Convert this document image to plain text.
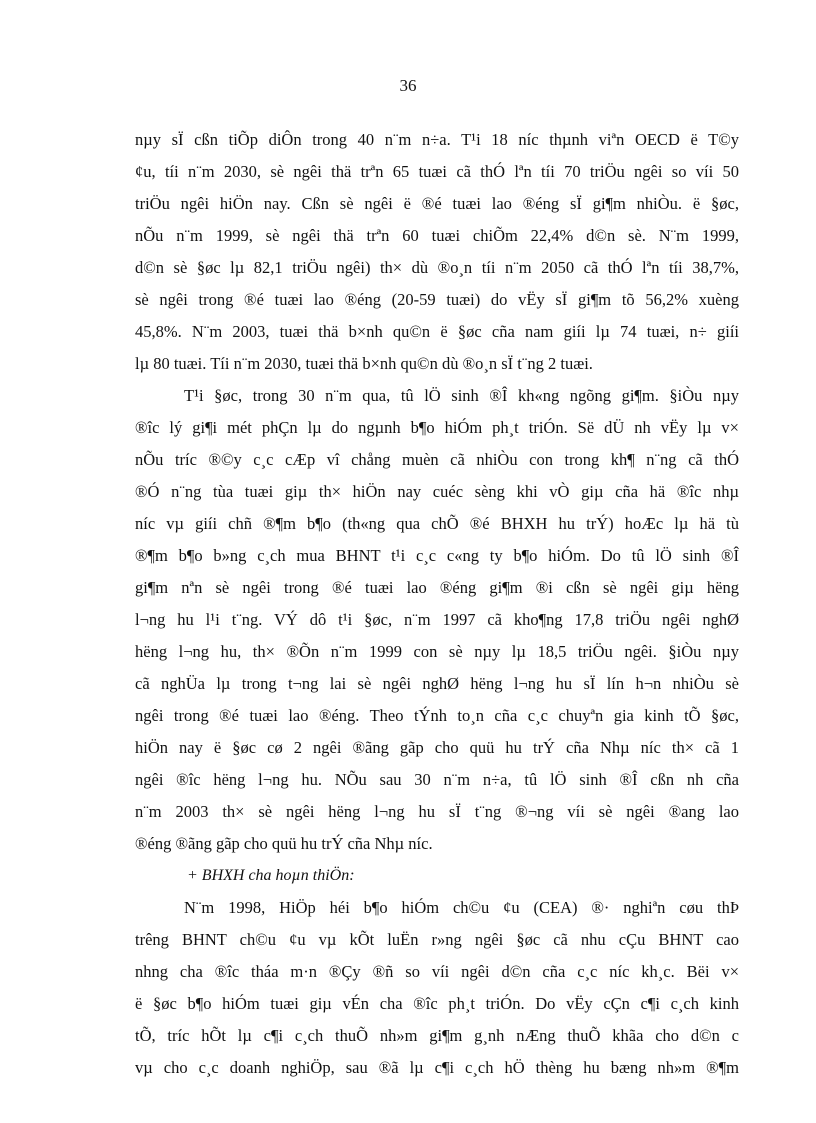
36

nµy sÏ cßn tiÕp diÔn trong 40 n¨m n÷a. T¹i 18 níc thµnh viªn OECD ë T©y

¢u, tíi n¨m 2030, sè ngêi thä trªn 65 tuæi cã thÓ lªn tíi 70 triÖu ngêi so víi 50

triÖu ngêi hiÖn nay. Cßn sè ngêi ë ®é tuæi lao ®éng sÏ gi¶m nhiÒu. ë §øc,

nÕu n¨m 1999, sè ngêi thä trªn 60 tuæi chiÕm 22,4% d©n sè. N¨m 1999,

d©n sè §øc lµ 82,1 triÖu ngêi) th× dù ®o¸n tíi n¨m 2050 cã thÓ lªn tíi 38,7%,

sè ngêi trong ®é tuæi lao ®éng (20-59 tuæi) do vËy sÏ gi¶m tõ 56,2% xuèng

45,8%. N¨m 2003, tuæi thä b×nh qu©n ë §øc cña nam giíi lµ 74 tuæi, n÷ giíi

lµ 80 tuæi. Tíi n¨m 2030, tuæi thä b×nh qu©n dù ®o¸n sÏ t¨ng 2 tuæi.

T¹i §øc, trong 30 n¨m qua, tû lÖ sinh ®Î kh«ng ngõng gi¶m. §iÒu nµy

®îc lý gi¶i mét phÇn lµ do ngµnh b¶o hiÓm ph¸t triÓn. Së dÜ nh vËy lµ v×

nÕu tríc ®©y c¸c cÆp vî chång muèn cã nhiÒu con trong kh¶ n¨ng cã thÓ

®Ó n¨ng tùa tuæi giµ th× hiÖn nay cuéc sèng khi vÒ giµ cña hä ®îc nhµ

níc vµ giíi chñ ®¶m b¶o (th«ng qua chÕ ®é BHXH hu trÝ) hoÆc lµ hä tù

®¶m b¶o b»ng c¸ch mua BHNT t¹i c¸c c«ng ty b¶o hiÓm. Do tû lÖ sinh ®Î

gi¶m nªn sè ngêi trong ®é tuæi lao ®éng gi¶m ®i cßn sè ngêi giµ hëng

l¬ng hu l¹i t¨ng. VÝ dô t¹i §øc, n¨m 1997 cã kho¶ng 17,8 triÖu ngêi nghØ

hëng l¬ng hu, th× ®Õn n¨m 1999 con sè nµy lµ 18,5 triÖu ngêi. §iÒu nµy

cã nghÜa lµ trong t¬ng lai sè ngêi nghØ hëng l¬ng hu sÏ lín h¬n nhiÒu sè

ngêi trong ®é tuæi lao ®éng. Theo tÝnh to¸n cña c¸c chuyªn gia kinh tÕ §øc,

hiÖn nay ë §øc cø 2 ngêi ®ãng gãp cho quü hu trÝ cña Nhµ níc th× cã 1

ngêi ®îc hëng l¬ng hu. NÕu sau 30 n¨m n÷a, tû lÖ sinh ®Î cßn nh cña

n¨m 2003 th× sè ngêi hëng l¬ng hu sÏ t¨ng ®¬ng víi sè ngêi ®ang lao

®éng ®ãng gãp cho quü hu trÝ cña Nhµ níc.

+ BHXH cha hoµn thiÖn:

N¨m 1998, HiÖp héi b¶o hiÓm ch©u ¢u (CEA) ®· nghiªn cøu thÞ

trêng BHNT ch©u ¢u vµ kÕt luËn r»ng ngêi §øc cã nhu cÇu BHNT cao

nhng cha ®îc tháa m·n ®Çy ®ñ so víi ngêi d©n cña c¸c níc kh¸c. Bëi v×

ë §øc b¶o hiÓm tuæi giµ vÉn cha ®îc ph¸t triÓn. Do vËy cÇn c¶i c¸ch kinh

tÕ, tríc hÕt lµ c¶i c¸ch thuÕ nh»m gi¶m g¸nh nÆng thuÕ khãa cho d©n c

vµ cho c¸c doanh nghiÖp, sau ®ã lµ c¶i c¸ch hÖ thèng hu bæng nh»m ®¶m
